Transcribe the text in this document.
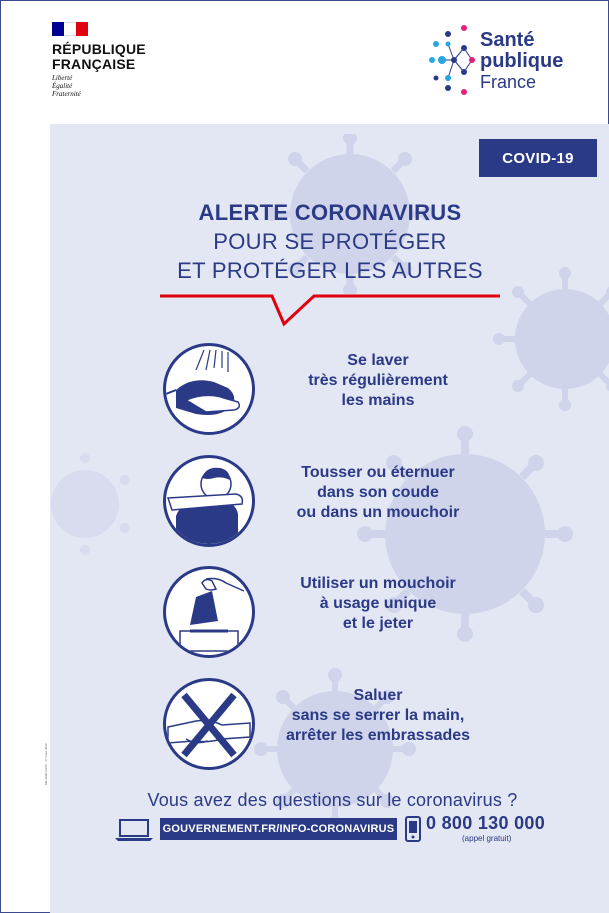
RÉPUBLIQUE
FRANÇAISE
Liberté
Égalité
Fraternité
Santé
publique
France
COVID-19
ALERTE CORONAVIRUS
POUR SE PROTÉGER
ET PROTÉGER LES AUTRES
Se laver
très régulièrement
les mains
Tousser ou éternuer
dans son coude
ou dans un mouchoir
Utiliser un mouchoir
à usage unique
et le jeter
Saluer
sans se serrer la main,
arrêter les embrassades
Vous avez des questions sur le coronavirus ?
GOUVERNEMENT.FR/INFO-CORONAVIRUS 0 800 130 000
(appel gratuit)
ME-2020-03/20 - 17 mars 2020
